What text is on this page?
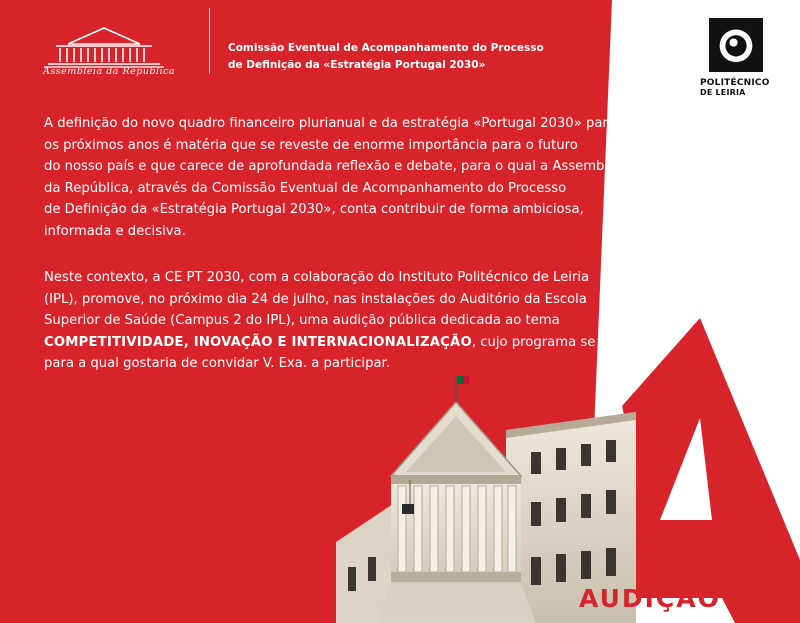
Assembleia da República
Comissão Eventual de Acompanhamento do Processo
de Definição da «Estratégia Portugal 2030»
POLITÉCNICO
DE LEIRIA
A definição do novo quadro financeiro plurianual e da estratégia «Portugal 2030» para
os próximos anos é matéria que se reveste de enorme importância para o futuro
do nosso país e que carece de aprofundada reflexão e debate, para o qual a Assembleia
da República, através da Comissão Eventual de Acompanhamento do Processo
de Definição da «Estratégia Portugal 2030», conta contribuir de forma ambiciosa,
informada e decisiva.
Neste contexto, a CE PT 2030, com a colaboração do Instituto Politécnico de Leiria
(IPL), promove, no próximo dia 24 de julho, nas instalações do Auditório da Escola
Superior de Saúde (Campus 2 do IPL), uma audição pública dedicada ao tema
COMPETITIVIDADE, INOVAÇÃO E INTERNACIONALIZAÇÃO, cujo programa se anexa,
para a qual gostaria de convidar V. Exa. a participar.
AUDIÇÃO
